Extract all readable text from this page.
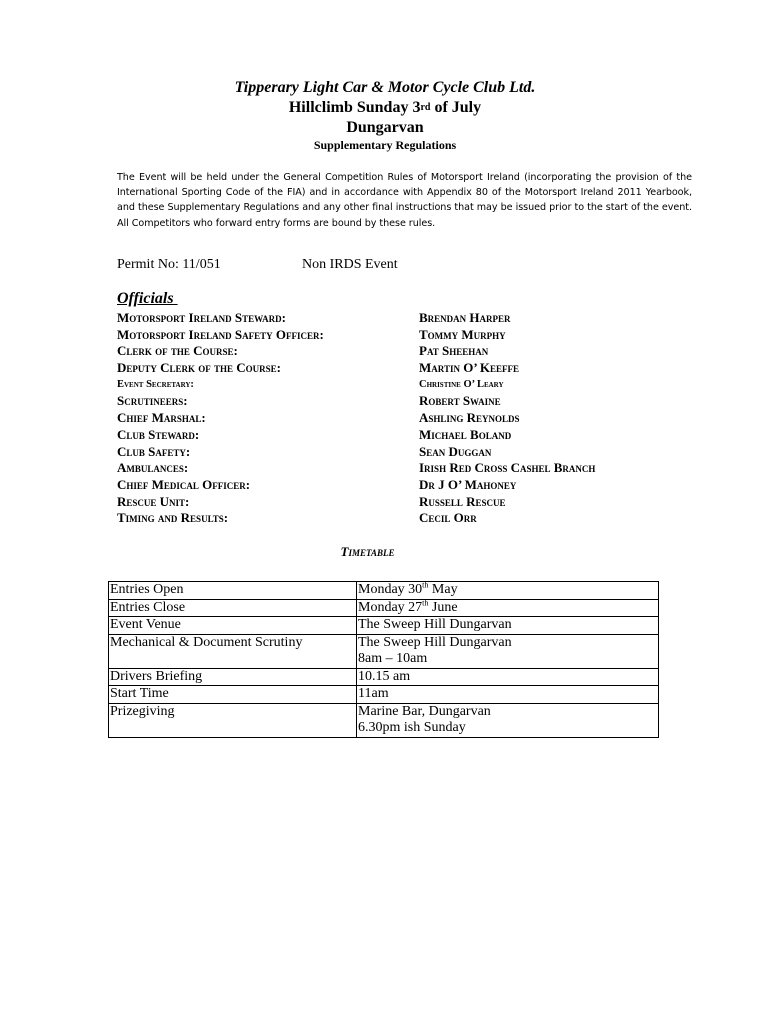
Tipperary Light Car & Motor Cycle Club Ltd.
Hillclimb Sunday 3rd of July
Dungarvan
Supplementary Regulations
The Event will be held under the General Competition Rules of Motorsport Ireland (incorporating the provision of the International Sporting Code of the FIA) and in accordance with Appendix 80 of the Motorsport Ireland 2011 Yearbook, and these Supplementary Regulations and any other final instructions that may be issued prior to the start of the event. All Competitors who forward entry forms are bound by these rules.
Permit No: 11/051	Non IRDS Event
Officials
Motorsport Ireland Steward:	Brendan Harper
Motorsport Ireland Safety Officer:	Tommy Murphy
Clerk of the Course:	Pat Sheehan
Deputy Clerk of the Course:	Martin O’ Keeffe
Event Secretary:	Christine O’ Leary
Scrutineers:	Robert Swaine
Chief Marshal:	Ashling Reynolds
Club Steward:	Michael Boland
Club Safety:	Sean Duggan
Ambulances:	Irish Red Cross Cashel Branch
Chief Medical Officer:	Dr J O’ Mahoney
Rescue Unit:	Russell Rescue
Timing and Results:	Cecil Orr
Timetable
Entries Open	Monday 30th May
Entries Close	Monday 27th June
Event Venue	The Sweep Hill Dungarvan

Mechanical & Document Scrutiny	The Sweep Hill Dungarvan
8am – 10am

Drivers Briefing	10.15 am

Start Time	11am

Prizegiving	Marine Bar, Dungarvan
6.30pm ish Sunday
